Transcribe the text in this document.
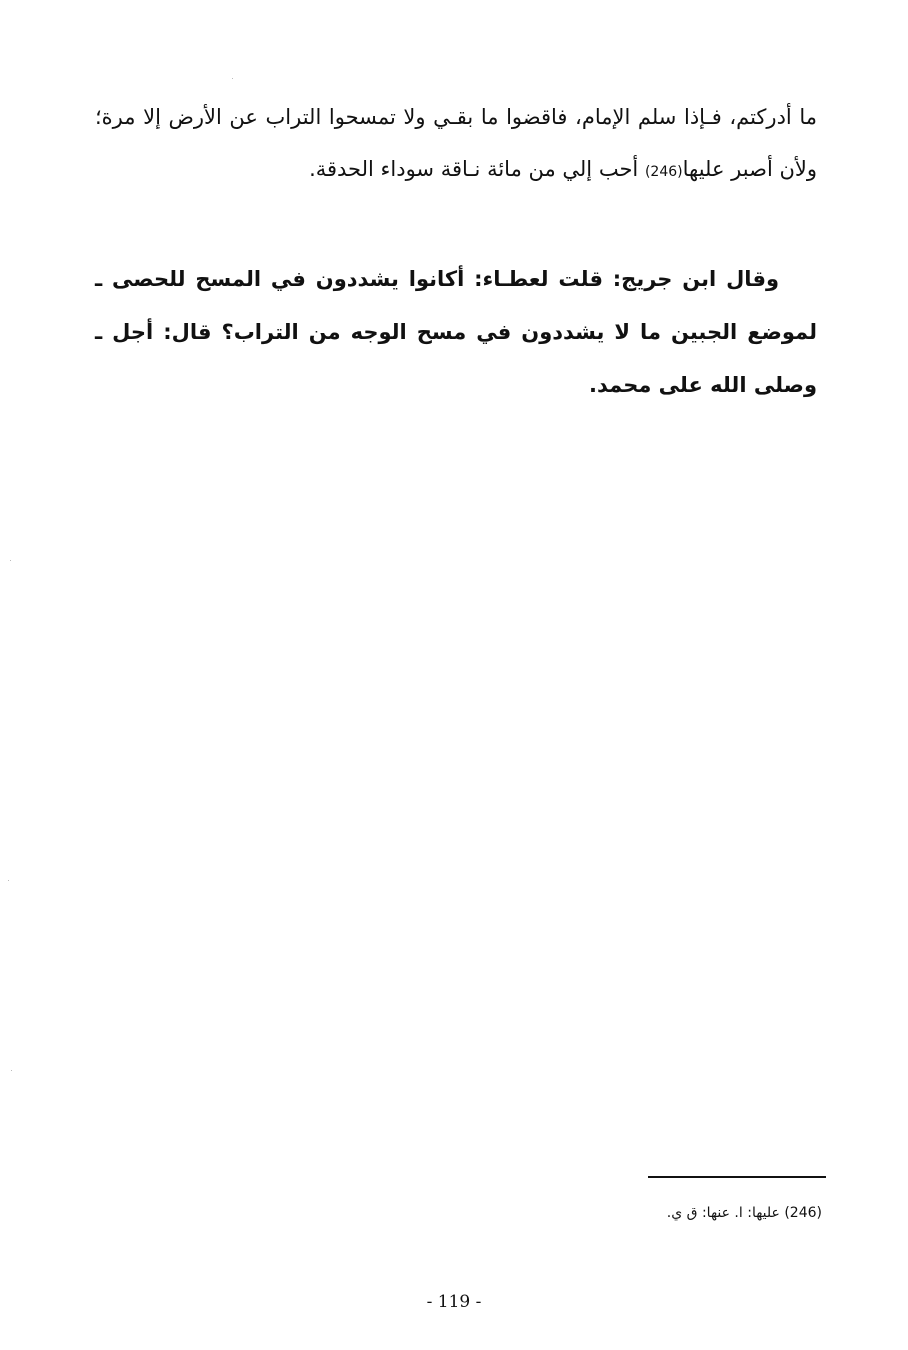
ما أدركتم، فـإذا سلم الإمام، فاقضوا ما بقـي ولا تمسحوا التراب عن الأرض إلا مرة؛ ولأن أصبر عليها(246) أحب إلي من مائة نـاقة سوداء الحدقة.

وقال ابن جريج: قلت لعطـاء: أكانوا يشددون في المسح للحصى ـ لموضع الجبين ما لا يشددون في مسح الوجه من التراب؟ قال: أجل ـ وصلى الله على محمد.

(246) عليها: ا. عنها: ق ي.
- 119 -
